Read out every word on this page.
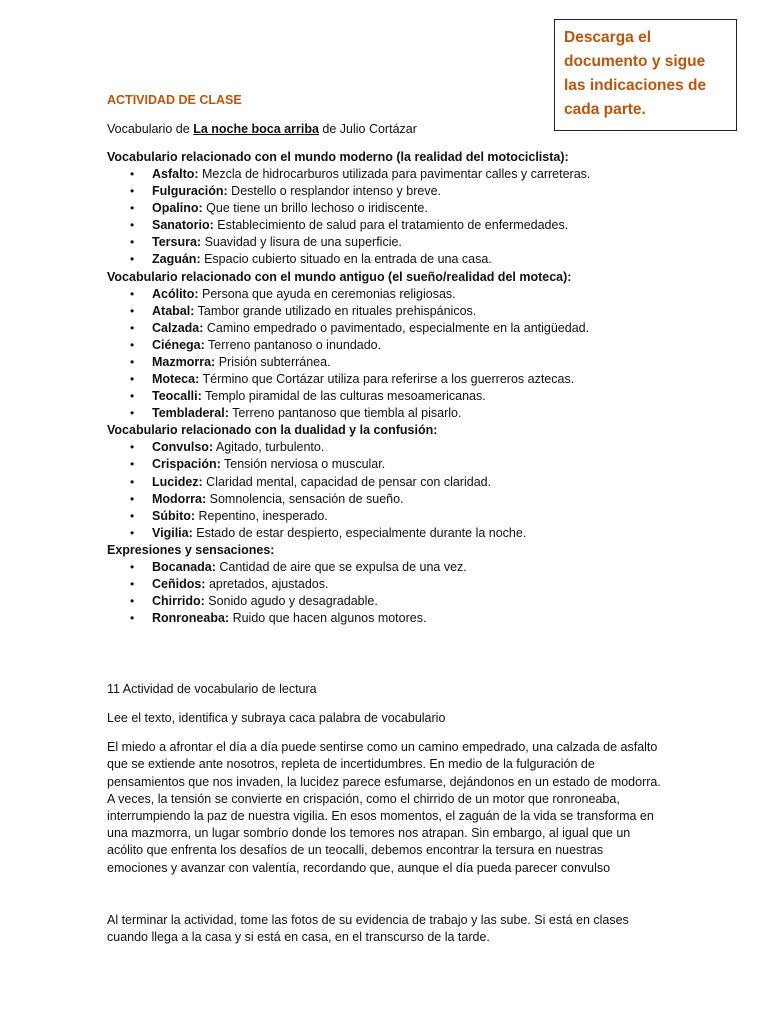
Descarga el documento y sigue las indicaciones de cada parte.

ACTIVIDAD DE CLASE

Vocabulario de La noche boca arriba de Julio Cortázar

Vocabulario relacionado con el mundo moderno (la realidad del motociclista):

• Asfalto: Mezcla de hidrocarburos utilizada para pavimentar calles y carreteras.
• Fulguración: Destello o resplandor intenso y breve.
• Opalino: Que tiene un brillo lechoso o iridiscente.
• Sanatorio: Establecimiento de salud para el tratamiento de enfermedades.
• Tersura: Suavidad y lisura de una superficie.
• Zaguán: Espacio cubierto situado en la entrada de una casa.

Vocabulario relacionado con el mundo antiguo (el sueño/realidad del moteca):

• Acólito: Persona que ayuda en ceremonias religiosas.
• Atabal: Tambor grande utilizado en rituales prehispánicos.
• Calzada: Camino empedrado o pavimentado, especialmente en la antigüedad.
• Ciénega: Terreno pantanoso o inundado.
• Mazmorra: Prisión subterránea.
• Moteca: Término que Cortázar utiliza para referirse a los guerreros aztecas.
• Teocalli: Templo piramidal de las culturas mesoamericanas.
• Tembladeral: Terreno pantanoso que tiembla al pisarlo.

Vocabulario relacionado con la dualidad y la confusión:

• Convulso: Agitado, turbulento.
• Crispación: Tensión nerviosa o muscular.
• Lucidez: Claridad mental, capacidad de pensar con claridad.
• Modorra: Somnolencia, sensación de sueño.
• Súbito: Repentino, inesperado.
• Vigilia: Estado de estar despierto, especialmente durante la noche.

Expresiones y sensaciones:

• Bocanada: Cantidad de aire que se expulsa de una vez.
• Ceñidos: apretados, ajustados.
• Chirrido: Sonido agudo y desagradable.
• Ronroneaba: Ruido que hacen algunos motores.

11 Actividad de vocabulario de lectura

Lee el texto, identifica y subraya caca palabra de vocabulario

El miedo a afrontar el día a día puede sentirse como un camino empedrado, una calzada de asfalto que se extiende ante nosotros, repleta de incertidumbres. En medio de la fulguración de pensamientos que nos invaden, la lucidez parece esfumarse, dejándonos en un estado de modorra. A veces, la tensión se convierte en crispación, como el chirrido de un motor que ronroneaba, interrumpiendo la paz de nuestra vigilia. En esos momentos, el zaguán de la vida se transforma en una mazmorra, un lugar sombrío donde los temores nos atrapan. Sin embargo, al igual que un acólito que enfrenta los desafíos de un teocalli, debemos encontrar la tersura en nuestras emociones y avanzar con valentía, recordando que, aunque el día pueda parecer convulso

Al terminar la actividad, tome las fotos de su evidencia de trabajo y las sube. Si está en clases cuando llega a la casa y si está en casa, en el transcurso de la tarde.
